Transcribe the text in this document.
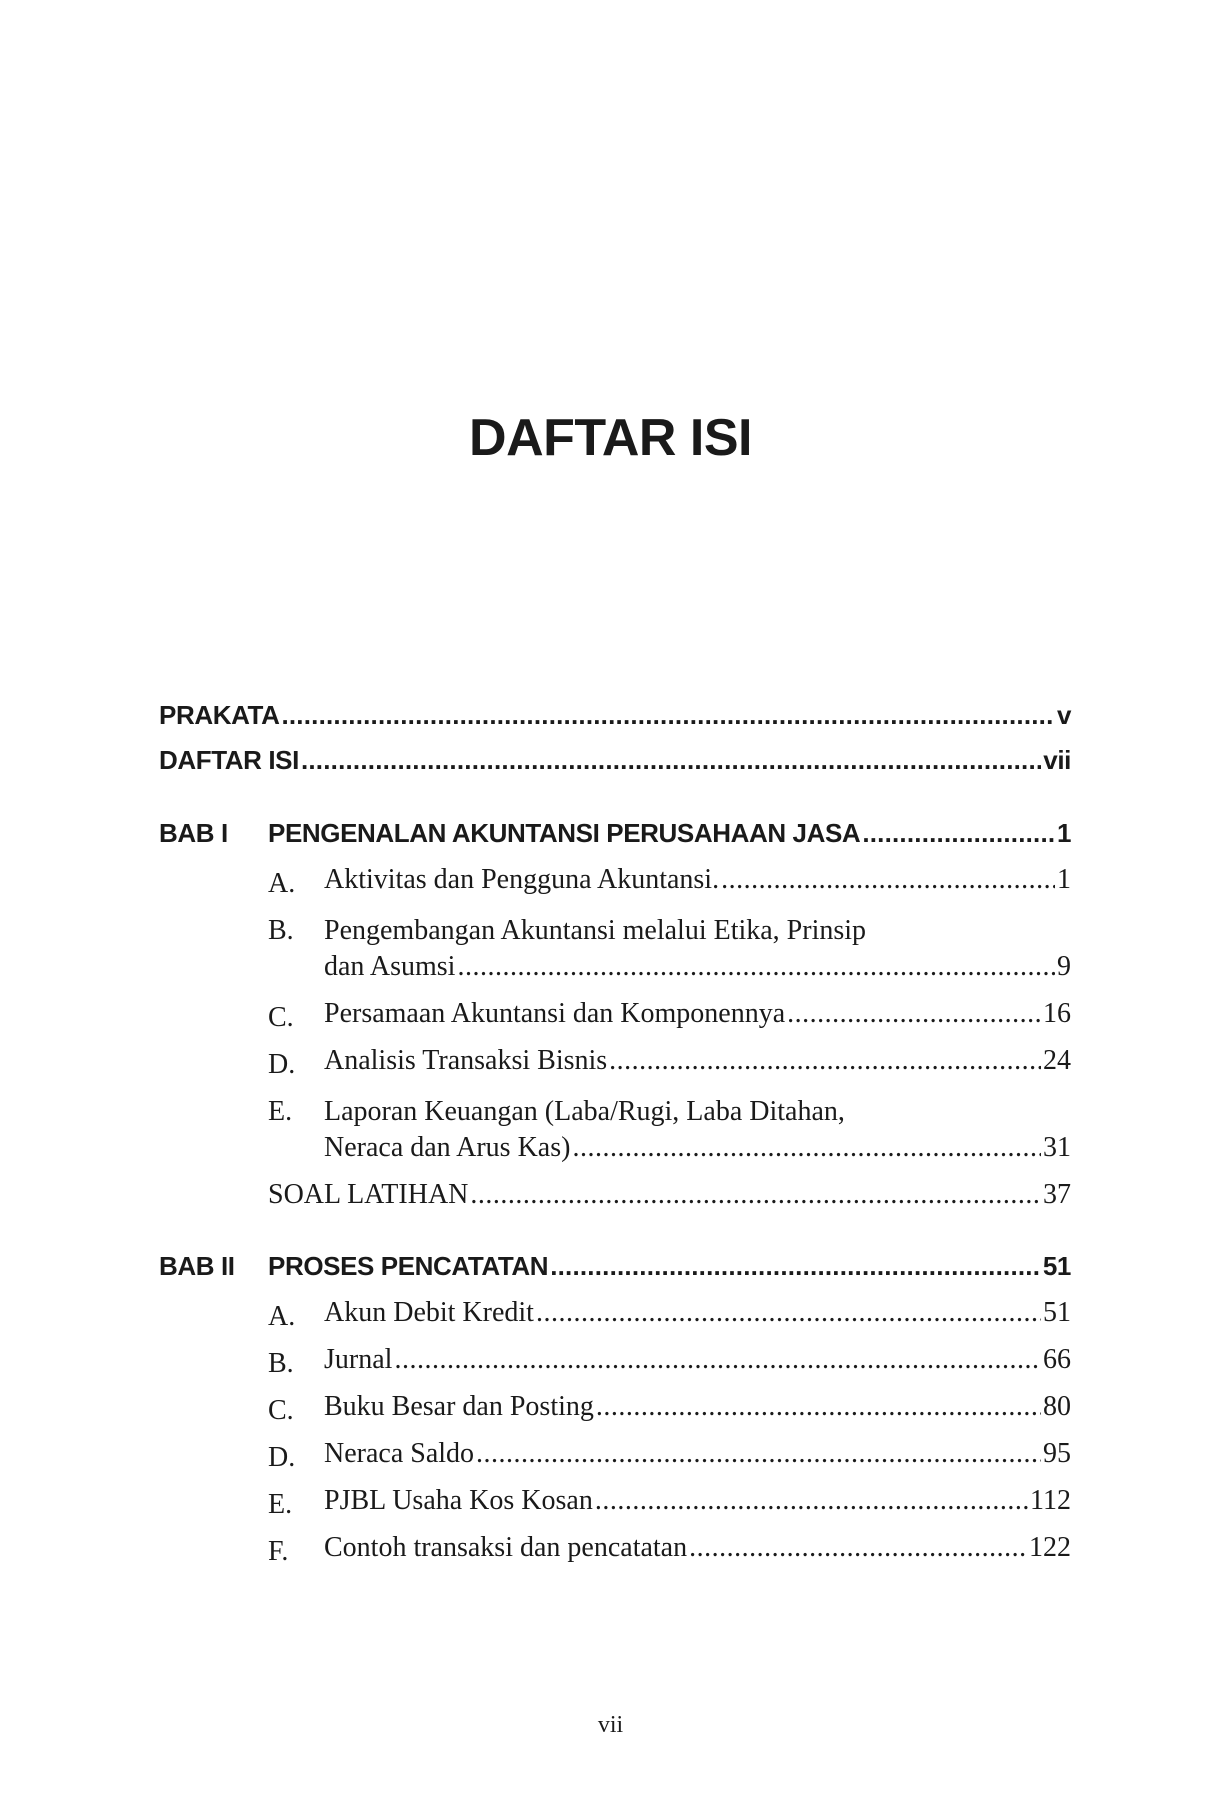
DAFTAR ISI
PRAKATA .....	v
DAFTAR ISI .....	vii
BAB I	PENGENALAN AKUNTANSI PERUSAHAAN JASA .....	1
A.	Aktivitas dan Pengguna Akuntansi. .....	1
B.	Pengembangan Akuntansi melalui Etika, Prinsip
dan Asumsi .....	9
C.	Persamaan Akuntansi dan Komponennya .....	16
D.	Analisis Transaksi Bisnis .....	24
E.	Laporan Keuangan (Laba/Rugi, Laba Ditahan,
Neraca dan Arus Kas) .....	31
SOAL LATIHAN .....	37
BAB II	PROSES PENCATATAN .....	51
A.	Akun Debit Kredit .....	51
B.	Jurnal .....	66
C.	Buku Besar dan Posting .....	80
D.	Neraca Saldo .....	95
E.	PJBL Usaha Kos Kosan .....	112
F.	Contoh transaksi dan pencatatan .....	122
vii
